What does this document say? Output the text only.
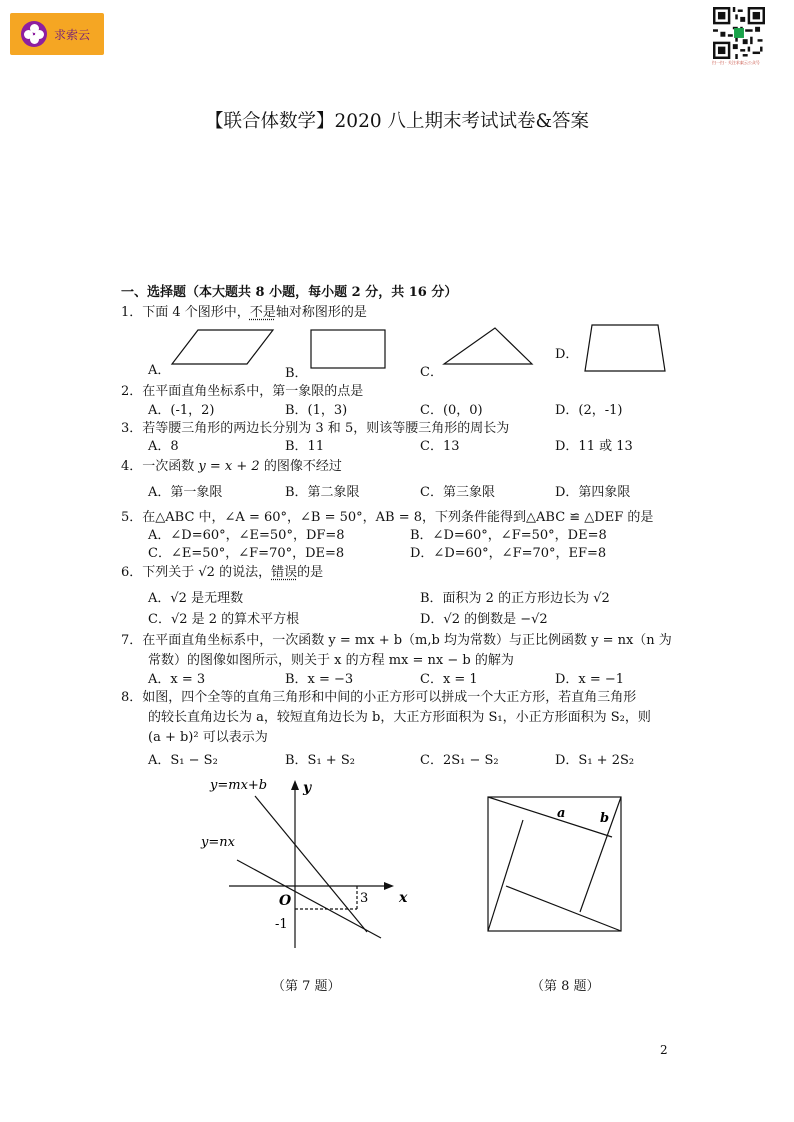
求索云
扫一扫 · 关注求索云公众号
【联合体数学】2020 八上期末考试试卷&答案
一、选择题（本大题共 8 小题，每小题 2 分，共 16 分）
1．下面 4 个图形中，不是轴对称图形的是
A．	B．	C．
D．
2．在平面直角坐标系中，第一象限的点是
A．(-1，2)	B．(1，3)	C．(0，0)	D．(2，-1)
3．若等腰三角形的两边长分别为 3 和 5，则该等腰三角形的周长为
A．8	B．11	C．13	D．11 或 13
4．一次函数 y = x + 2 的图像不经过
A．第一象限	B．第二象限	C．第三象限	D．第四象限
5．在△ABC 中，∠A = 60°，∠B = 50°，AB = 8，下列条件能得到△ABC ≌ △DEF 的是
A．∠D=60°，∠E=50°，DF=8	B．∠D=60°，∠F=50°，DE=8
C．∠E=50°，∠F=70°，DE=8	D．∠D=60°，∠F=70°，EF=8
6．下列关于 √2 的说法，错误的是
A．√2 是无理数	B．面积为 2 的正方形边长为 √2
C．√2 是 2 的算术平方根	D．√2 的倒数是 −√2
7．在平面直角坐标系中，一次函数 y = mx + b（m,b 均为常数）与正比例函数 y = nx（n 为
常数）的图像如图所示，则关于 x 的方程 mx = nx − b 的解为
A．x = 3	B．x = −3	C．x = 1	D．x = −1
8．如图，四个全等的直角三角形和中间的小正方形可以拼成一个大正方形，若直角三角形
的较长直角边长为 a，较短直角边长为 b，大正方形面积为 S₁，小正方形面积为 S₂，则
(a + b)² 可以表示为
A．S₁ − S₂	B．S₁ + S₂	C．2S₁ − S₂	D．S₁ + 2S₂
y=mx+b
y=nx
y
x
O	3
-1
（第 7 题）
a	b
（第 8 题）
2
